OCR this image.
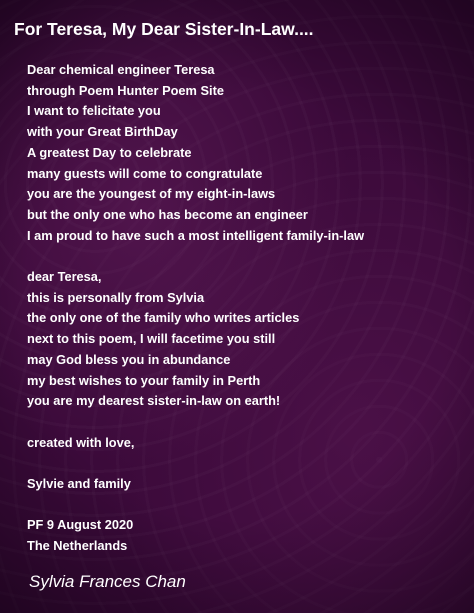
For Teresa, My Dear Sister-In-Law....
Dear chemical engineer Teresa
through Poem Hunter Poem Site
I want to felicitate you
with your Great BirthDay
A greatest Day to celebrate
many guests will come to congratulate
you are the youngest of my eight-in-laws
but the only one who has become an engineer
I am proud to have such a most intelligent family-in-law
dear Teresa,
this is personally from Sylvia
the only one of the family who writes articles
next to this poem, I will facetime you still
may God bless you in abundance
my best wishes to your family in Perth
you are my dearest sister-in-law on earth!
created with love,
Sylvie and family
PF 9 August 2020
The Netherlands

Sylvia Frances Chan
